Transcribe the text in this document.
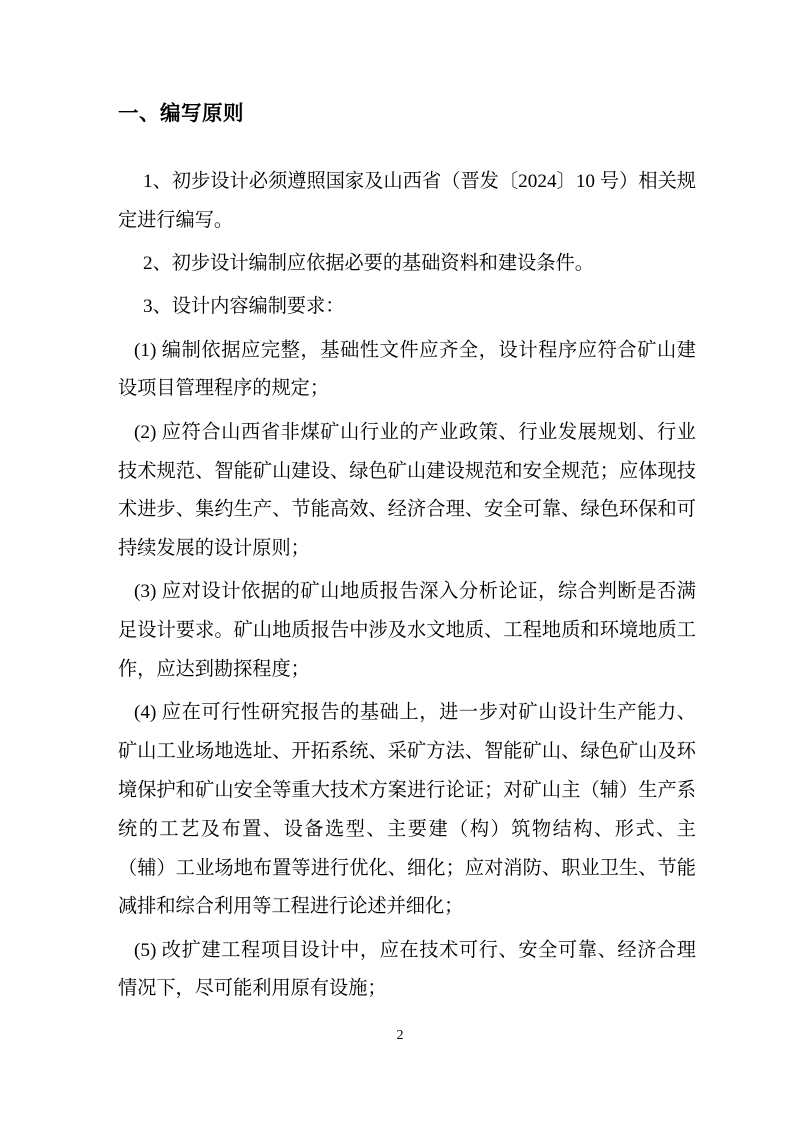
一、编写原则

1、初步设计必须遵照国家及山西省（晋发〔2024〕10 号）相关规定进行编写。

2、初步设计编制应依据必要的基础资料和建设条件。

3、设计内容编制要求：

(1) 编制依据应完整，基础性文件应齐全，设计程序应符合矿山建设项目管理程序的规定；

(2) 应符合山西省非煤矿山行业的产业政策、行业发展规划、行业技术规范、智能矿山建设、绿色矿山建设规范和安全规范；应体现技术进步、集约生产、节能高效、经济合理、安全可靠、绿色环保和可持续发展的设计原则；

(3) 应对设计依据的矿山地质报告深入分析论证，综合判断是否满足设计要求。矿山地质报告中涉及水文地质、工程地质和环境地质工作，应达到勘探程度；

(4) 应在可行性研究报告的基础上，进一步对矿山设计生产能力、矿山工业场地选址、开拓系统、采矿方法、智能矿山、绿色矿山及环境保护和矿山安全等重大技术方案进行论证；对矿山主（辅）生产系统的工艺及布置、设备选型、主要建（构）筑物结构、形式、主（辅）工业场地布置等进行优化、细化；应对消防、职业卫生、节能减排和综合利用等工程进行论述并细化；

(5) 改扩建工程项目设计中，应在技术可行、安全可靠、经济合理情况下，尽可能利用原有设施；

2
